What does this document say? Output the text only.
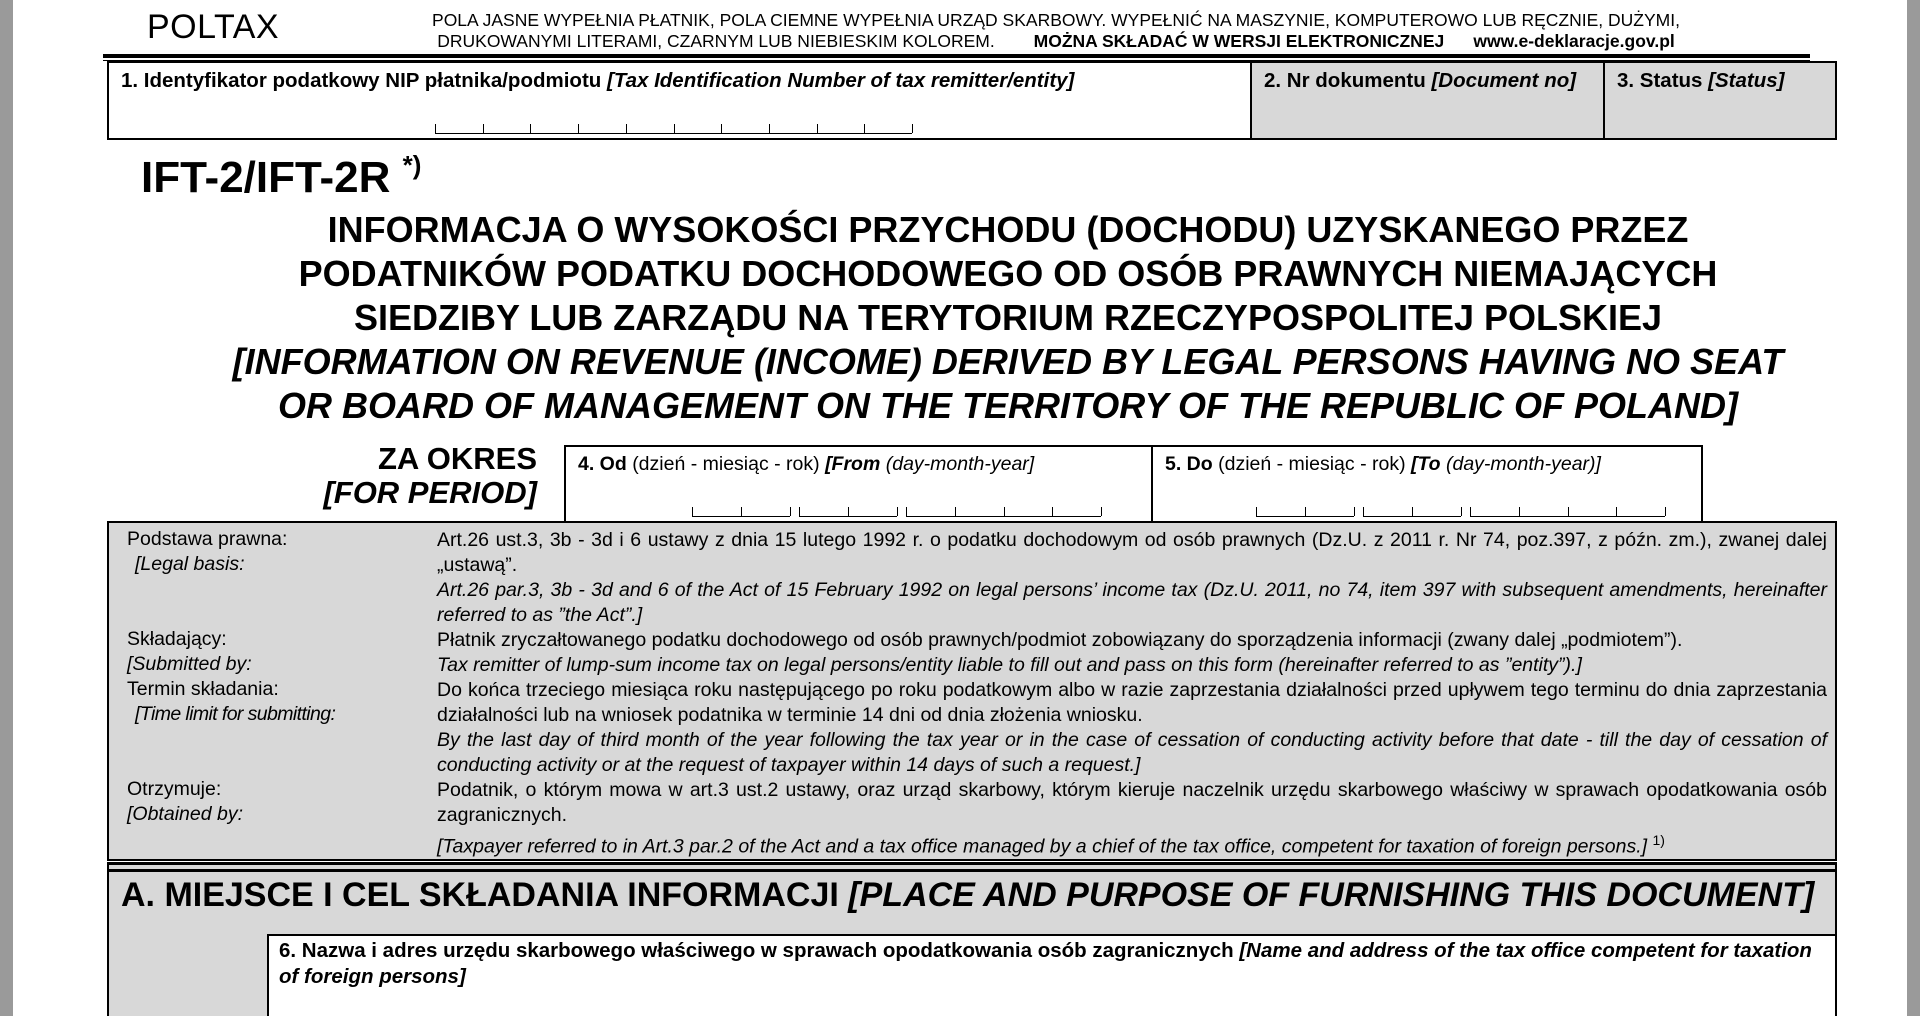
POLTAX	POLA JASNE WYPEŁNIA PŁATNIK, POLA CIEMNE WYPEŁNIA URZĄD SKARBOWY. WYPEŁNIĆ NA MASZYNIE, KOMPUTEROWO LUB RĘCZNIE, DUŻYMI,
DRUKOWANYMI LITERAMI, CZARNYM LUB NIEBIESKIM KOLOREM. MOŻNA SKŁADAĆ W WERSJI ELEKTRONICZNEJ www.e-deklaracje.gov.pl
1. Identyfikator podatkowy NIP płatnika/podmiotu [Tax Identification Number of tax remitter/entity]	2. Nr dokumentu [Document no] 3. Status [Status]
IFT-2/IFT-2R *)
INFORMACJA O WYSOKOŚCI PRZYCHODU (DOCHODU) UZYSKANEGO PRZEZ
PODATNIKÓW PODATKU DOCHODOWEGO OD OSÓB PRAWNYCH NIEMAJĄCYCH
SIEDZIBY LUB ZARZĄDU NA TERYTORIUM RZECZYPOSPOLITEJ POLSKIEJ
[INFORMATION ON REVENUE (INCOME) DERIVED BY LEGAL PERSONS HAVING NO SEAT
OR BOARD OF MANAGEMENT ON THE TERRITORY OF THE REPUBLIC OF POLAND]
ZA OKRES
[FOR PERIOD]
4. Od (dzień - miesiąc - rok) [From (day-month-year]	5. Do (dzień - miesiąc - rok) [To (day-month-year)]
Podstawa prawna:
[Legal basis:
Art.26 ust.3, 3b - 3d i 6 ustawy z dnia 15 lutego 1992 r. o podatku dochodowym od osób prawnych (Dz.U. z 2011 r. Nr 74, poz.397, z późn. zm.), zwanej dalej „ustawą”.
Art.26 par.3, 3b - 3d and 6 of the Act of 15 February 1992 on legal persons’ income tax (Dz.U. 2011, no 74, item 397 with subsequent amendments, hereinafter referred to as ”the Act”.]
Składający:
[Submitted by:
Płatnik zryczałtowanego podatku dochodowego od osób prawnych/podmiot zobowiązany do sporządzenia informacji (zwany dalej „podmiotem”).
Tax remitter of lump-sum income tax on legal persons/entity liable to fill out and pass on this form (hereinafter referred to as ”entity”).]
Termin składania:
[Time limit for submitting:
Do końca trzeciego miesiąca roku następującego po roku podatkowym albo w razie zaprzestania działalności przed upływem tego terminu do dnia zaprzestania działalności lub na wniosek podatnika w terminie 14 dni od dnia złożenia wniosku.
By the last day of third month of the year following the tax year or in the case of cessation of conducting activity before that date - till the day of cessation of conducting activity or at the request of taxpayer within 14 days of such a request.]
Otrzymuje:
[Obtained by:
Podatnik, o którym mowa w art.3 ust.2 ustawy, oraz urząd skarbowy, którym kieruje naczelnik urzędu skarbowego właściwy w sprawach opodatkowania osób zagranicznych.
[Taxpayer referred to in Art.3 par.2 of the Act and a tax office managed by a chief of the tax office, competent for taxation of foreign persons.] $^{1)}$
A. MIEJSCE I CEL SKŁADANIA INFORMACJI [PLACE AND PURPOSE OF FURNISHING THIS DOCUMENT]
6. Nazwa i adres urzędu skarbowego właściwego w sprawach opodatkowania osób zagranicznych [Name and address of the tax office competent for taxation of foreign persons]
